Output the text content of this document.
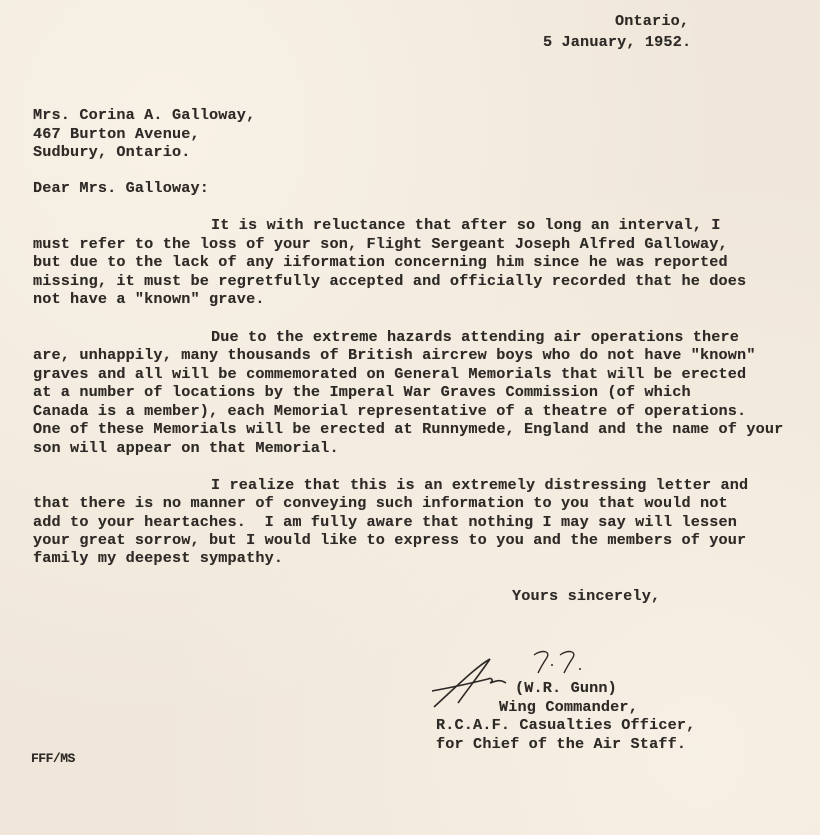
Ontario,
5 January, 1952.
Mrs. Corina A. Galloway,
467 Burton Avenue,
Sudbury, Ontario.
Dear Mrs. Galloway:
It is with reluctance that after so long an interval, I
must refer to the loss of your son, Flight Sergeant Joseph Alfred Galloway,
but due to the lack of any iiformation concerning him since he was reported
missing, it must be regretfully accepted and officially recorded that he does
not have a "known" grave.
Due to the extreme hazards attending air operations there
are, unhappily, many thousands of British aircrew boys who do not have "known"
graves and all will be commemorated on General Memorials that will be erected
at a number of locations by the Imperal War Graves Commission (of which
Canada is a member), each Memorial representative of a theatre of operations.
One of these Memorials will be erected at Runnymede, England and the name of your
son will appear on that Memorial.
I realize that this is an extremely distressing letter and
that there is no manner of conveying such information to you that would not
add to your heartaches.  I am fully aware that nothing I may say will lessen
your great sorrow, but I would like to express to you and the members of your
family my deepest sympathy.
Yours sincerely,
(W.R. Gunn)
Wing Commander,
R.C.A.F. Casualties Officer,
for Chief of the Air Staff.
FFF/MS
